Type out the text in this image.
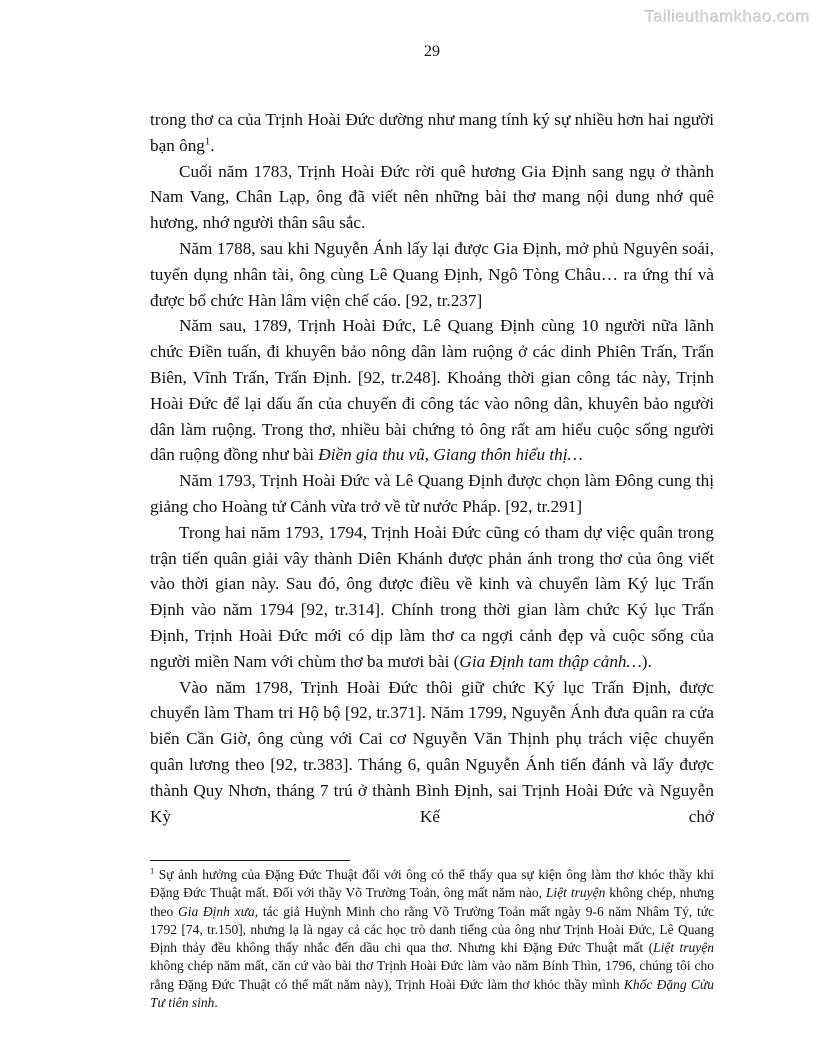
Tailieuthamkhao.com
29

trong thơ ca của Trịnh Hoài Đức dường như mang tính ký sự nhiều hơn hai người bạn ông$^1$.

Cuối năm 1783, Trịnh Hoài Đức rời quê hương Gia Định sang ngụ ở thành Nam Vang, Chân Lạp, ông đã viết nên những bài thơ mang nội dung nhớ quê hương, nhớ người thân sâu sắc.

Năm 1788, sau khi Nguyễn Ánh lấy lại được Gia Định, mở phủ Nguyên soái, tuyển dụng nhân tài, ông cùng Lê Quang Định, Ngô Tòng Châu… ra ứng thí và được bổ chức Hàn lâm viện chế cáo. [92, tr.237]

Năm sau, 1789, Trịnh Hoài Đức, Lê Quang Định cùng 10 người nữa lãnh chức Điền tuấn, đi khuyên bảo nông dân làm ruộng ở các dinh Phiên Trấn, Trấn Biên, Vĩnh Trấn, Trấn Định. [92, tr.248]. Khoảng thời gian công tác này, Trịnh Hoài Đức để lại dấu ấn của chuyến đi công tác vào nông dân, khuyên bảo người dân làm ruộng. Trong thơ, nhiều bài chứng tỏ ông rất am hiểu cuộc sống người dân ruộng đồng như bài Điền gia thu vũ, Giang thôn hiểu thị…

Năm 1793, Trịnh Hoài Đức và Lê Quang Định được chọn làm Đông cung thị giảng cho Hoàng tử Cảnh vừa trở về từ nước Pháp. [92, tr.291]

Trong hai năm 1793, 1794, Trịnh Hoài Đức cũng có tham dự việc quân trong trận tiến quân giải vây thành Diên Khánh được phản ánh trong thơ của ông viết vào thời gian này. Sau đó, ông được điều về kinh và chuyển làm Ký lục Trấn Định vào năm 1794 [92, tr.314]. Chính trong thời gian làm chức Ký lục Trấn Định, Trịnh Hoài Đức mới có dịp làm thơ ca ngợi cảnh đẹp và cuộc sống của người miền Nam với chùm thơ ba mươi bài (Gia Định tam thập cảnh…).

Vào năm 1798, Trịnh Hoài Đức thôi giữ chức Ký lục Trấn Định, được chuyển làm Tham tri Hộ bộ [92, tr.371]. Năm 1799, Nguyễn Ánh đưa quân ra cửa biển Cần Giờ, ông cùng với Cai cơ Nguyễn Văn Thịnh phụ trách việc chuyển quân lương theo [92, tr.383]. Tháng 6, quân Nguyễn Ánh tiến đánh và lấy được thành Quy Nhơn, tháng 7 trú ở thành Bình Định, sai Trịnh Hoài Đức và Nguyễn Kỳ Kế chở

$^1$ Sự ảnh hưởng của Đặng Đức Thuật đối với ông có thể thấy qua sự kiện ông làm thơ khóc thầy khi Đặng Đức Thuật mất. Đối với thầy Võ Trường Toản, ông mất năm nào, Liệt truyện không chép, nhưng theo Gia Định xưa, tác giả Huỳnh Minh cho rằng Võ Trường Toản mất ngày 9-6 năm Nhâm Tý, tức 1792 [74, tr.150], nhưng lạ là ngay cả các học trò danh tiếng của ông như Trịnh Hoài Đức, Lê Quang Định thảy đều không thấy nhắc đến dầu chi qua thơ. Nhưng khi Đặng Đức Thuật mất (Liệt truyện không chép năm mất, căn cứ vào bài thơ Trịnh Hoài Đức làm vào năm Bính Thìn, 1796, chúng tôi cho rằng Đặng Đức Thuật có thể mất năm này), Trịnh Hoài Đức làm thơ khóc thầy mình Khốc Đặng Cửu Tư tiên sinh.
